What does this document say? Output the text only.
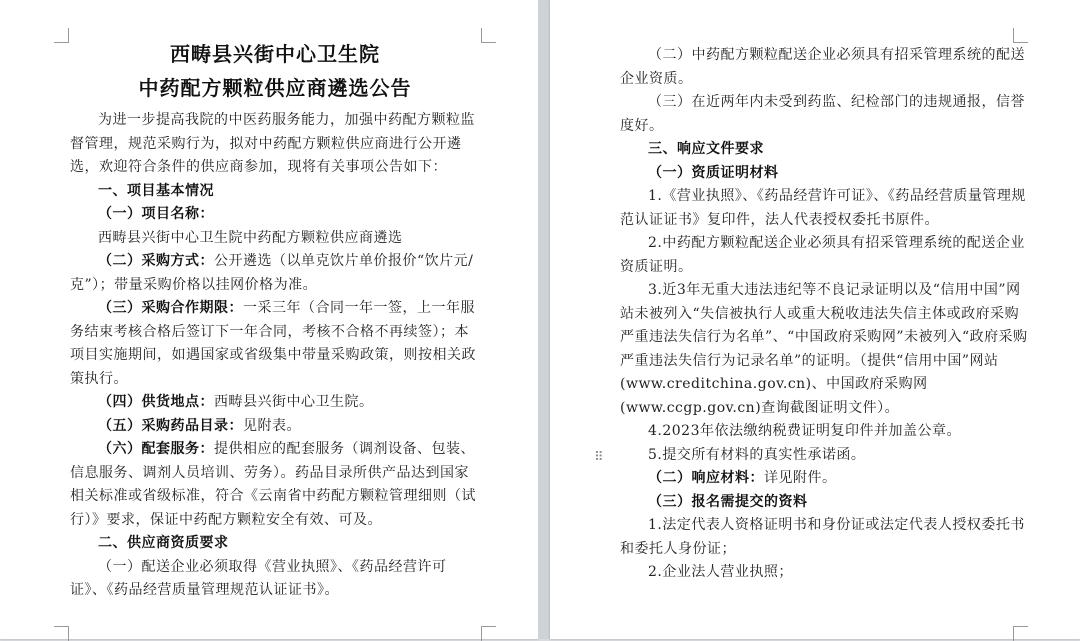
西畴县兴街中心卫生院

中药配方颗粒供应商遴选公告

为进一步提高我院的中医药服务能力，加强中药配方颗粒监督管理，规范采购行为，拟对中药配方颗粒供应商进行公开遴选，欢迎符合条件的供应商参加，现将有关事项公告如下：

一、项目基本情况

（一）项目名称：

西畴县兴街中心卫生院中药配方颗粒供应商遴选

（二）采购方式：公开遴选（以单克饮片单价报价“饮片元/克”）；带量采购价格以挂网价格为准。

（三）采购合作期限：一采三年（合同一年一签，上一年服务结束考核合格后签订下一年合同，考核不合格不再续签）；本项目实施期间，如遇国家或省级集中带量采购政策，则按相关政策执行。

（四）供货地点：西畴县兴街中心卫生院。

（五）采购药品目录：见附表。

（六）配套服务：提供相应的配套服务（调剂设备、包装、信息服务、调剂人员培训、劳务）。药品目录所供产品达到国家相关标准或省级标准，符合《云南省中药配方颗粒管理细则（试行）》要求，保证中药配方颗粒安全有效、可及。

二、供应商资质要求

（一）配送企业必须取得《营业执照》、《药品经营许可证》、《药品经营质量管理规范认证证书》。

（二）中药配方颗粒配送企业必须具有招采管理系统的配送企业资质。

（三）在近两年内未受到药监、纪检部门的违规通报，信誉度好。

三、响应文件要求

（一）资质证明材料

1.《营业执照》、《药品经营许可证》、《药品经营质量管理规范认证证书》复印件，法人代表授权委托书原件。

2.中药配方颗粒配送企业必须具有招采管理系统的配送企业资质证明。

3.近3年无重大违法违纪等不良记录证明以及“信用中国”网站未被列入“失信被执行人或重大税收违法失信主体或政府采购严重违法失信行为名单”、“中国政府采购网”未被列入“政府采购严重违法失信行为记录名单”的证明。（提供“信用中国”网站(www.creditchina.gov.cn)、中国政府采购网(www.ccgp.gov.cn)查询截图证明文件）。

4.2023年依法缴纳税费证明复印件并加盖公章。

5.提交所有材料的真实性承诺函。

（二）响应材料：详见附件。

（三）报名需提交的资料

1.法定代表人资格证明书和身份证或法定代表人授权委托书和委托人身份证；

2.企业法人营业执照；

⠿
